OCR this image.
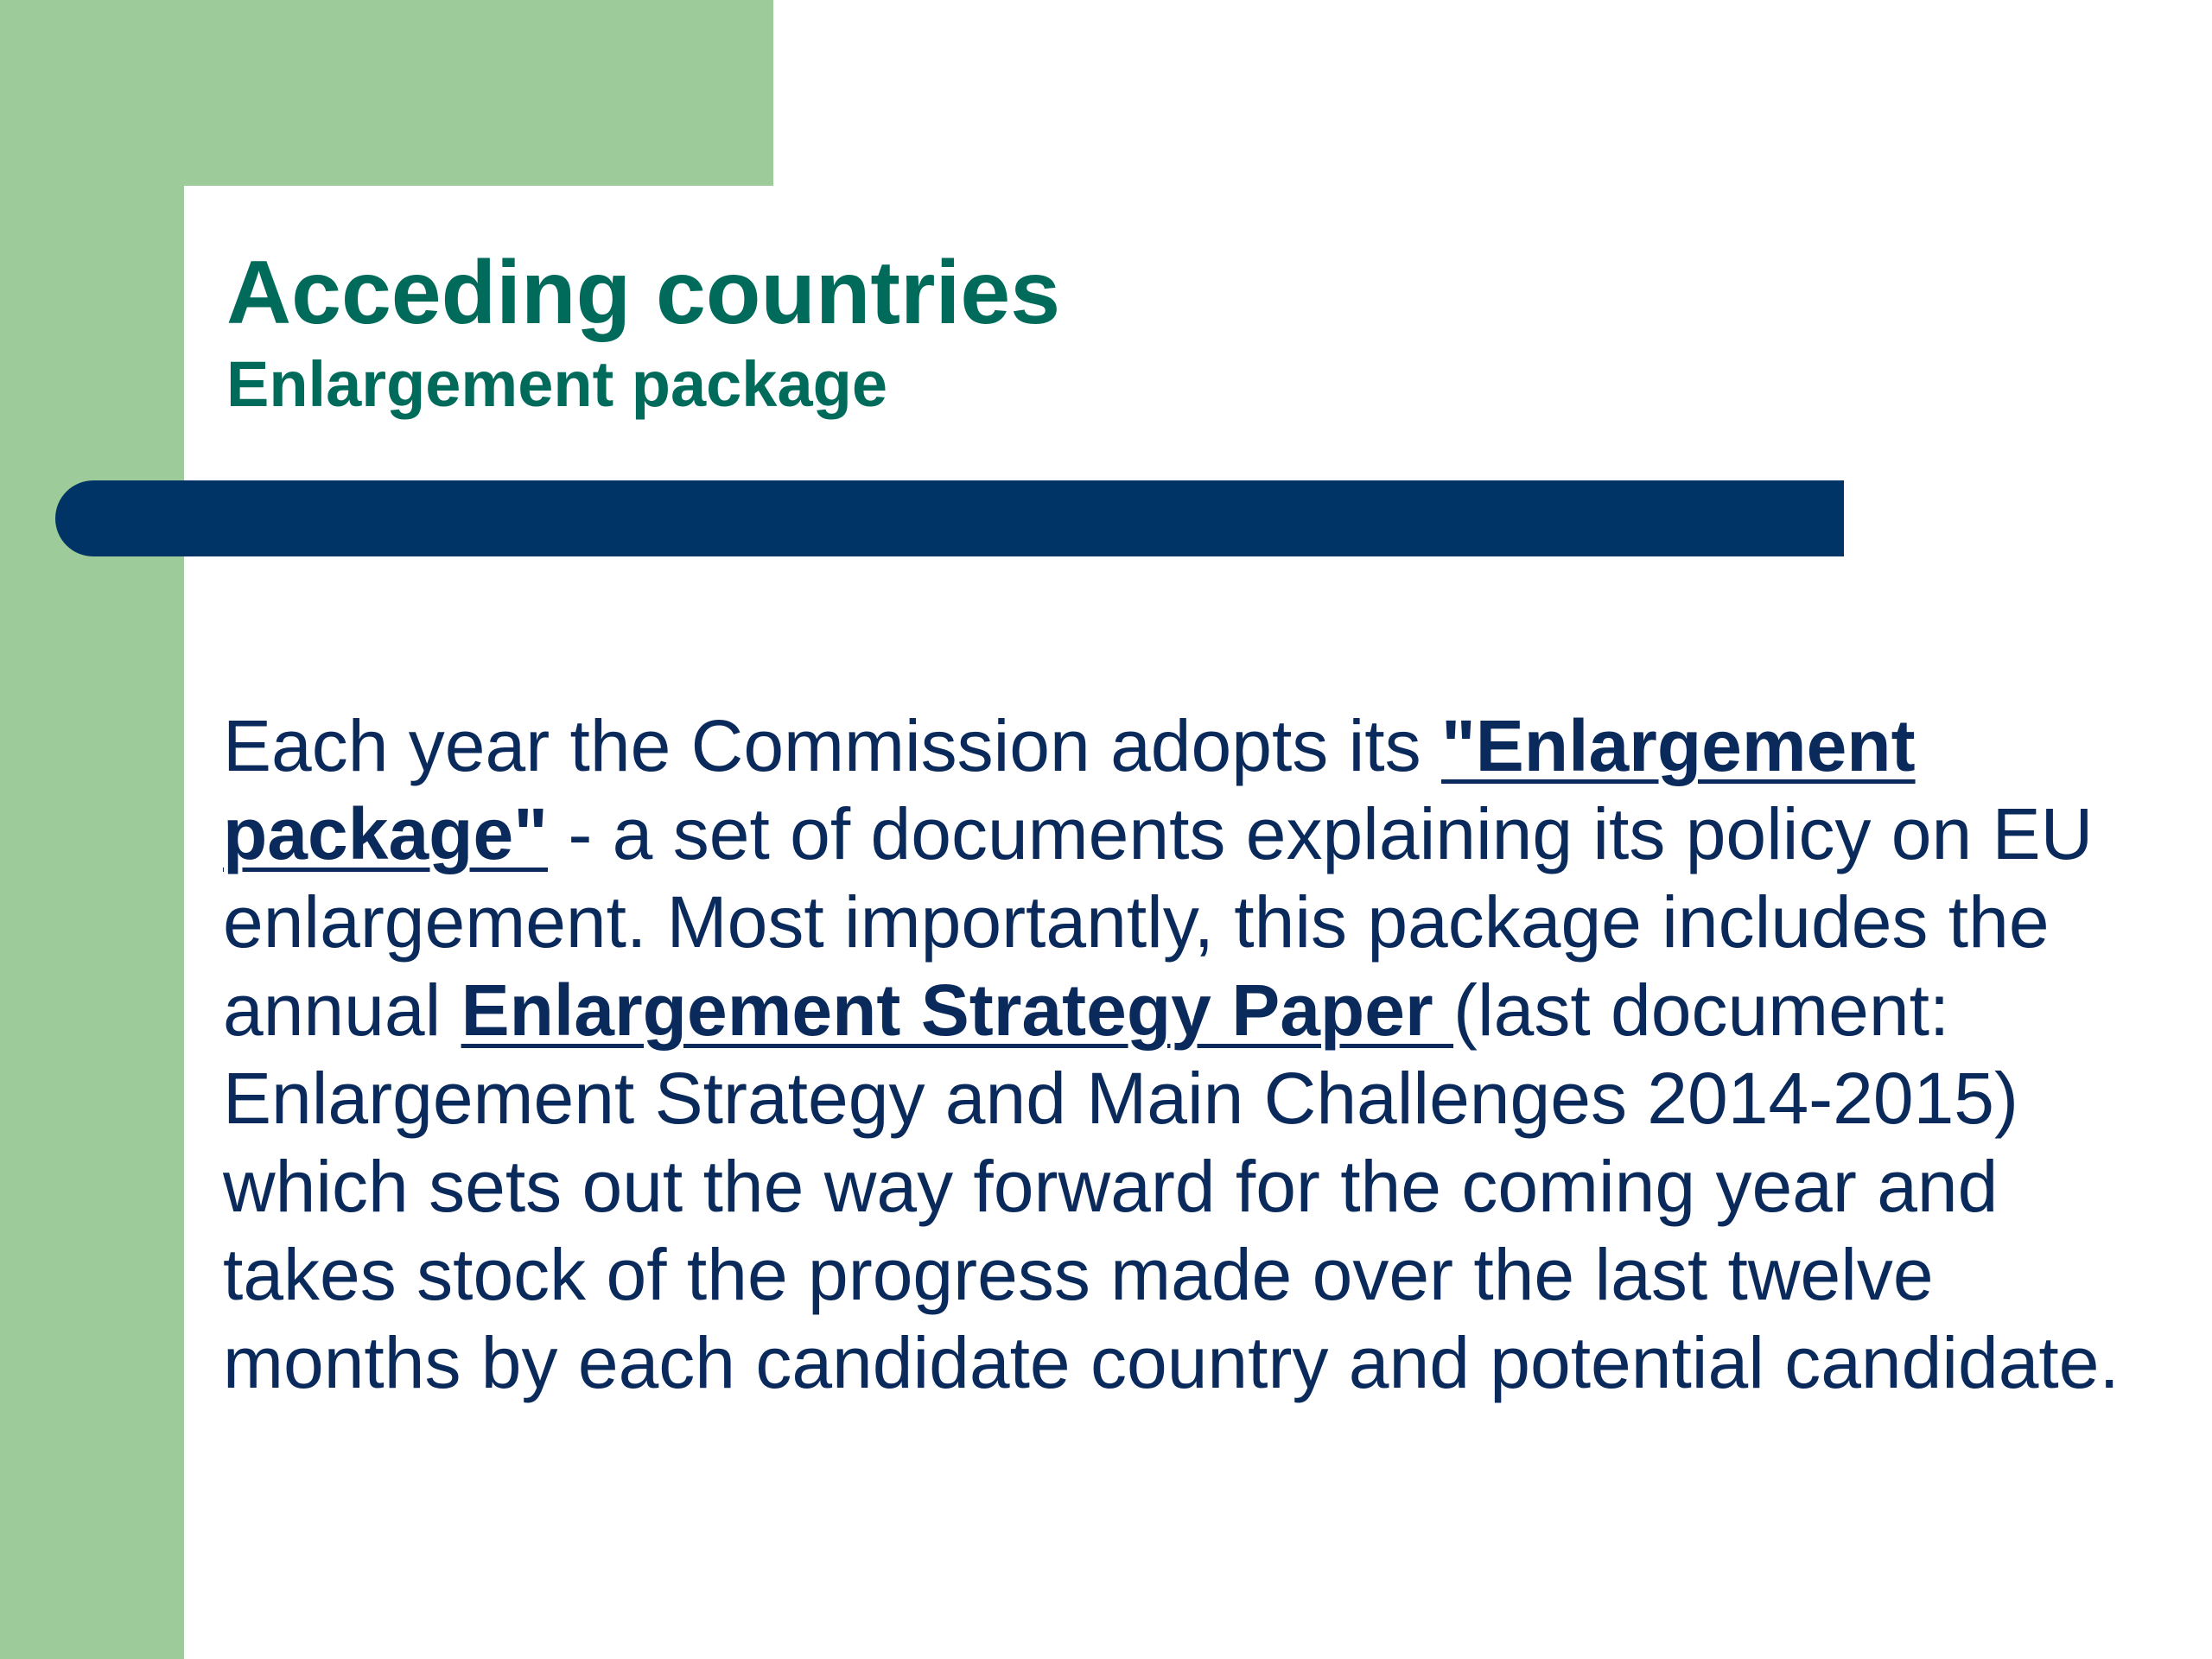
Acceding countries
Enlargement package

Each year the Commission adopts its "Enlargement package" - a set of documents explaining its policy on EU enlargement. Most importantly, this package includes the annual Enlargement Strategy Paper (last document: Enlargement Strategy and Main Challenges 2014-2015) which sets out the way forward for the coming year and takes stock of the progress made over the last twelve months by each candidate country and potential candidate.
